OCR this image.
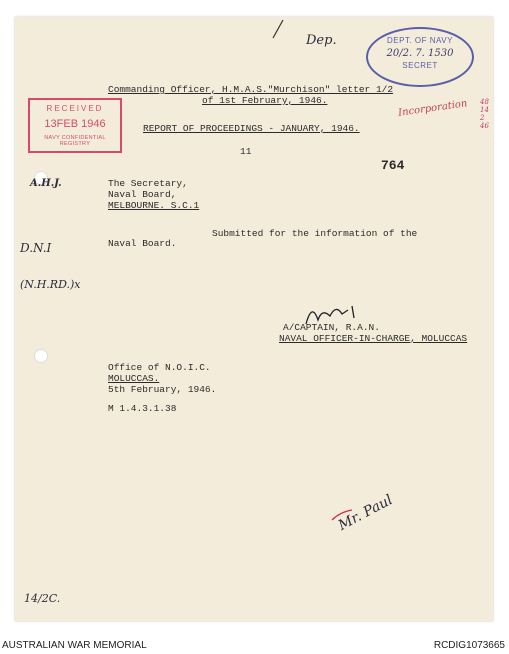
Dep.
Incorporation 48
14
2
46
A.H.J.
D.N.I
(N.H.RD.)x
Mr. Paul
14/2C.
RECEIVED
13FEB 1946
NAVY CONFIDENTIAL REGISTRY
DEPT. OF NAVY
20/2. 7. 1530
SECRET
Commanding Officer, H.M.A.S."Murchison" letter 1/2
of 1st February, 1946.
REPORT OF PROCEEDINGS - JANUARY, 1946.
11
764
The Secretary,
Naval Board,
MELBOURNE. S.C.1
Submitted for the information of the
Naval Board.
A/CAPTAIN, R.A.N.
NAVAL OFFICER-IN-CHARGE, MOLUCCAS
Office of N.O.I.C.
MOLUCCAS.
5th February, 1946.
M 1.4.3.1.38
AUSTRALIAN WAR MEMORIAL	RCDIG1073665
